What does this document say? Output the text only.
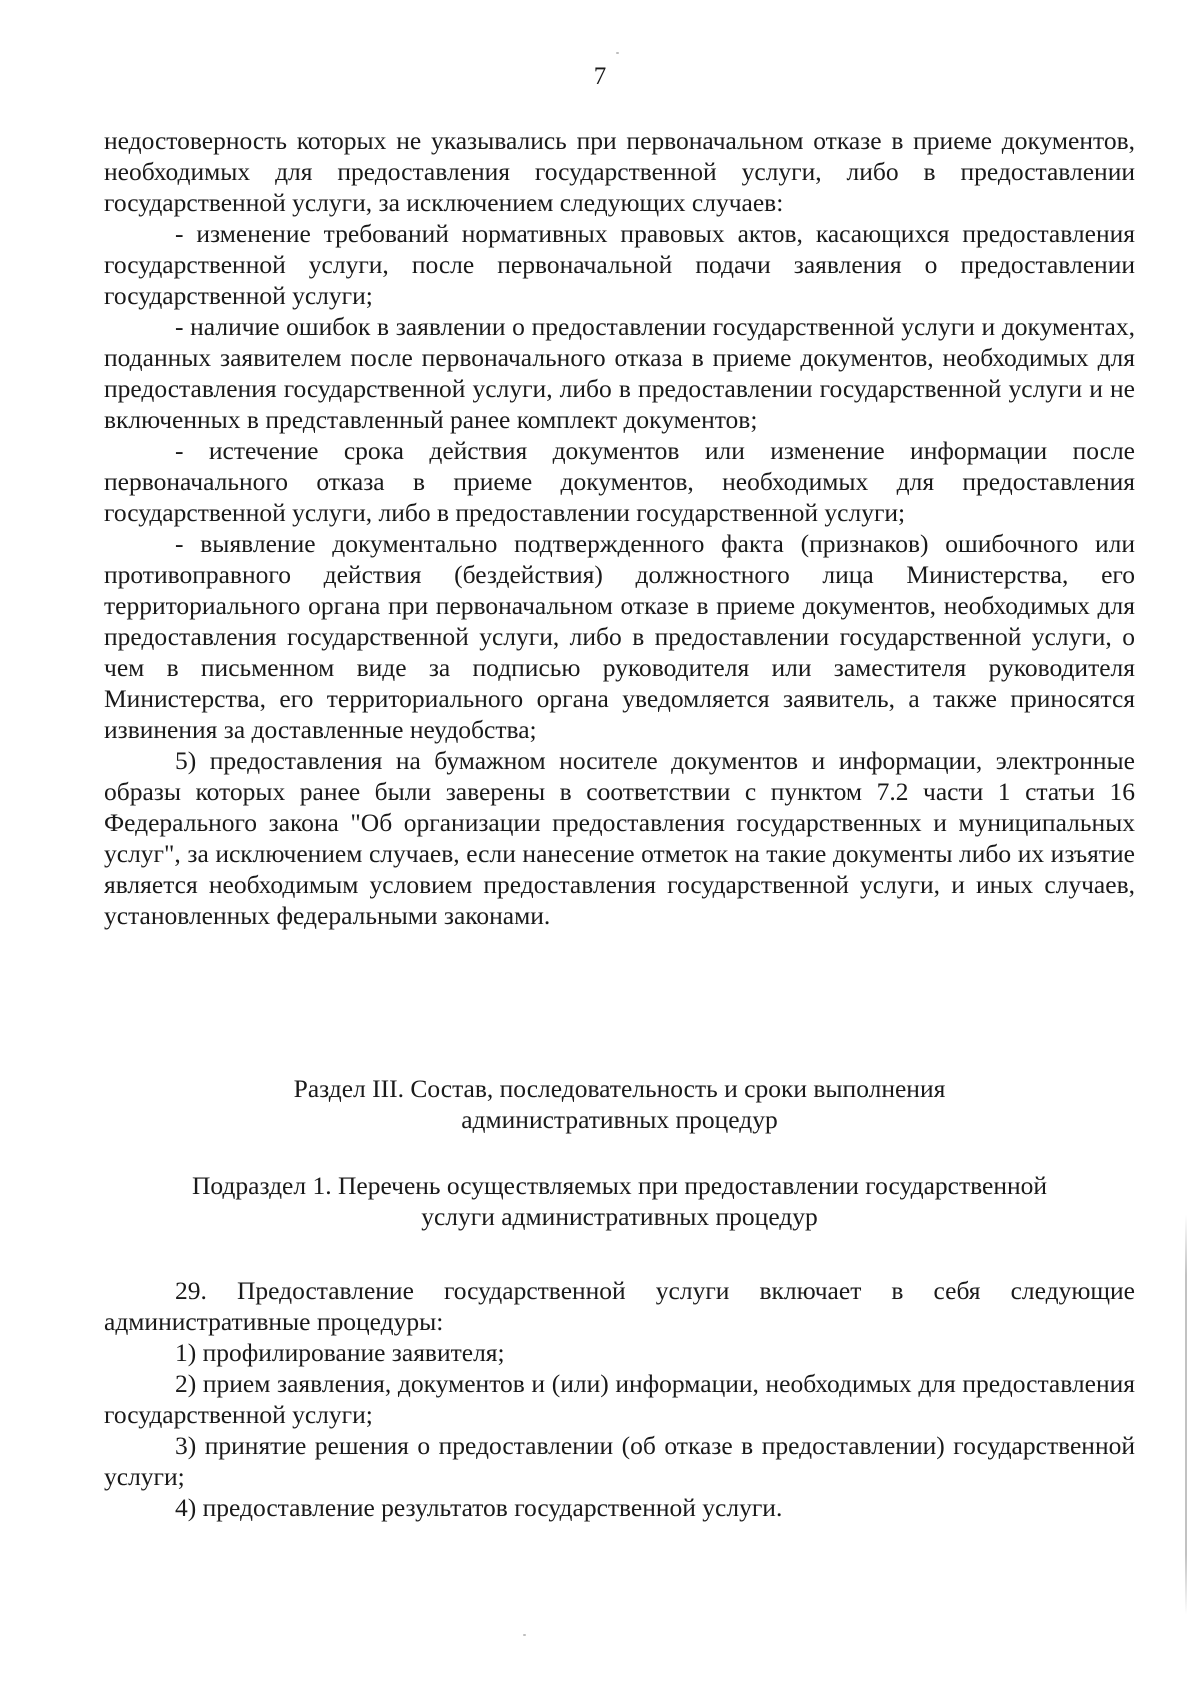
7

недостоверность которых не указывались при первоначальном отказе в приеме документов, необходимых для предоставления государственной услуги, либо в предоставлении государственной услуги, за исключением следующих случаев:

- изменение требований нормативных правовых актов, касающихся предоставления государственной услуги, после первоначальной подачи заявления о предоставлении государственной услуги;

- наличие ошибок в заявлении о предоставлении государственной услуги и документах, поданных заявителем после первоначального отказа в приеме документов, необходимых для предоставления государственной услуги, либо в предоставлении государственной услуги и не включенных в представленный ранее комплект документов;

- истечение срока действия документов или изменение информации после первоначального отказа в приеме документов, необходимых для предоставления государственной услуги, либо в предоставлении государственной услуги;

- выявление документально подтвержденного факта (признаков) ошибочного или противоправного действия (бездействия) должностного лица Министерства, его территориального органа при первоначальном отказе в приеме документов, необходимых для предоставления государственной услуги, либо в предоставлении государственной услуги, о чем в письменном виде за подписью руководителя или заместителя руководителя Министерства, его территориального органа уведомляется заявитель, а также приносятся извинения за доставленные неудобства;

5) предоставления на бумажном носителе документов и информации, электронные образы которых ранее были заверены в соответствии с пунктом 7.2 части 1 статьи 16 Федерального закона "Об организации предоставления государственных и муниципальных услуг", за исключением случаев, если нанесение отметок на такие документы либо их изъятие является необходимым условием предоставления государственной услуги, и иных случаев, установленных федеральными законами.

Раздел III. Состав, последовательность и сроки выполнения

административных процедур

Подраздел 1. Перечень осуществляемых при предоставлении государственной

услуги административных процедур

29. Предоставление государственной услуги включает в себя следующие административные процедуры:

1) профилирование заявителя;

2) прием заявления, документов и (или) информации, необходимых для предоставления государственной услуги;

3) принятие решения о предоставлении (об отказе в предоставлении) государственной услуги;

4) предоставление результатов государственной услуги.
